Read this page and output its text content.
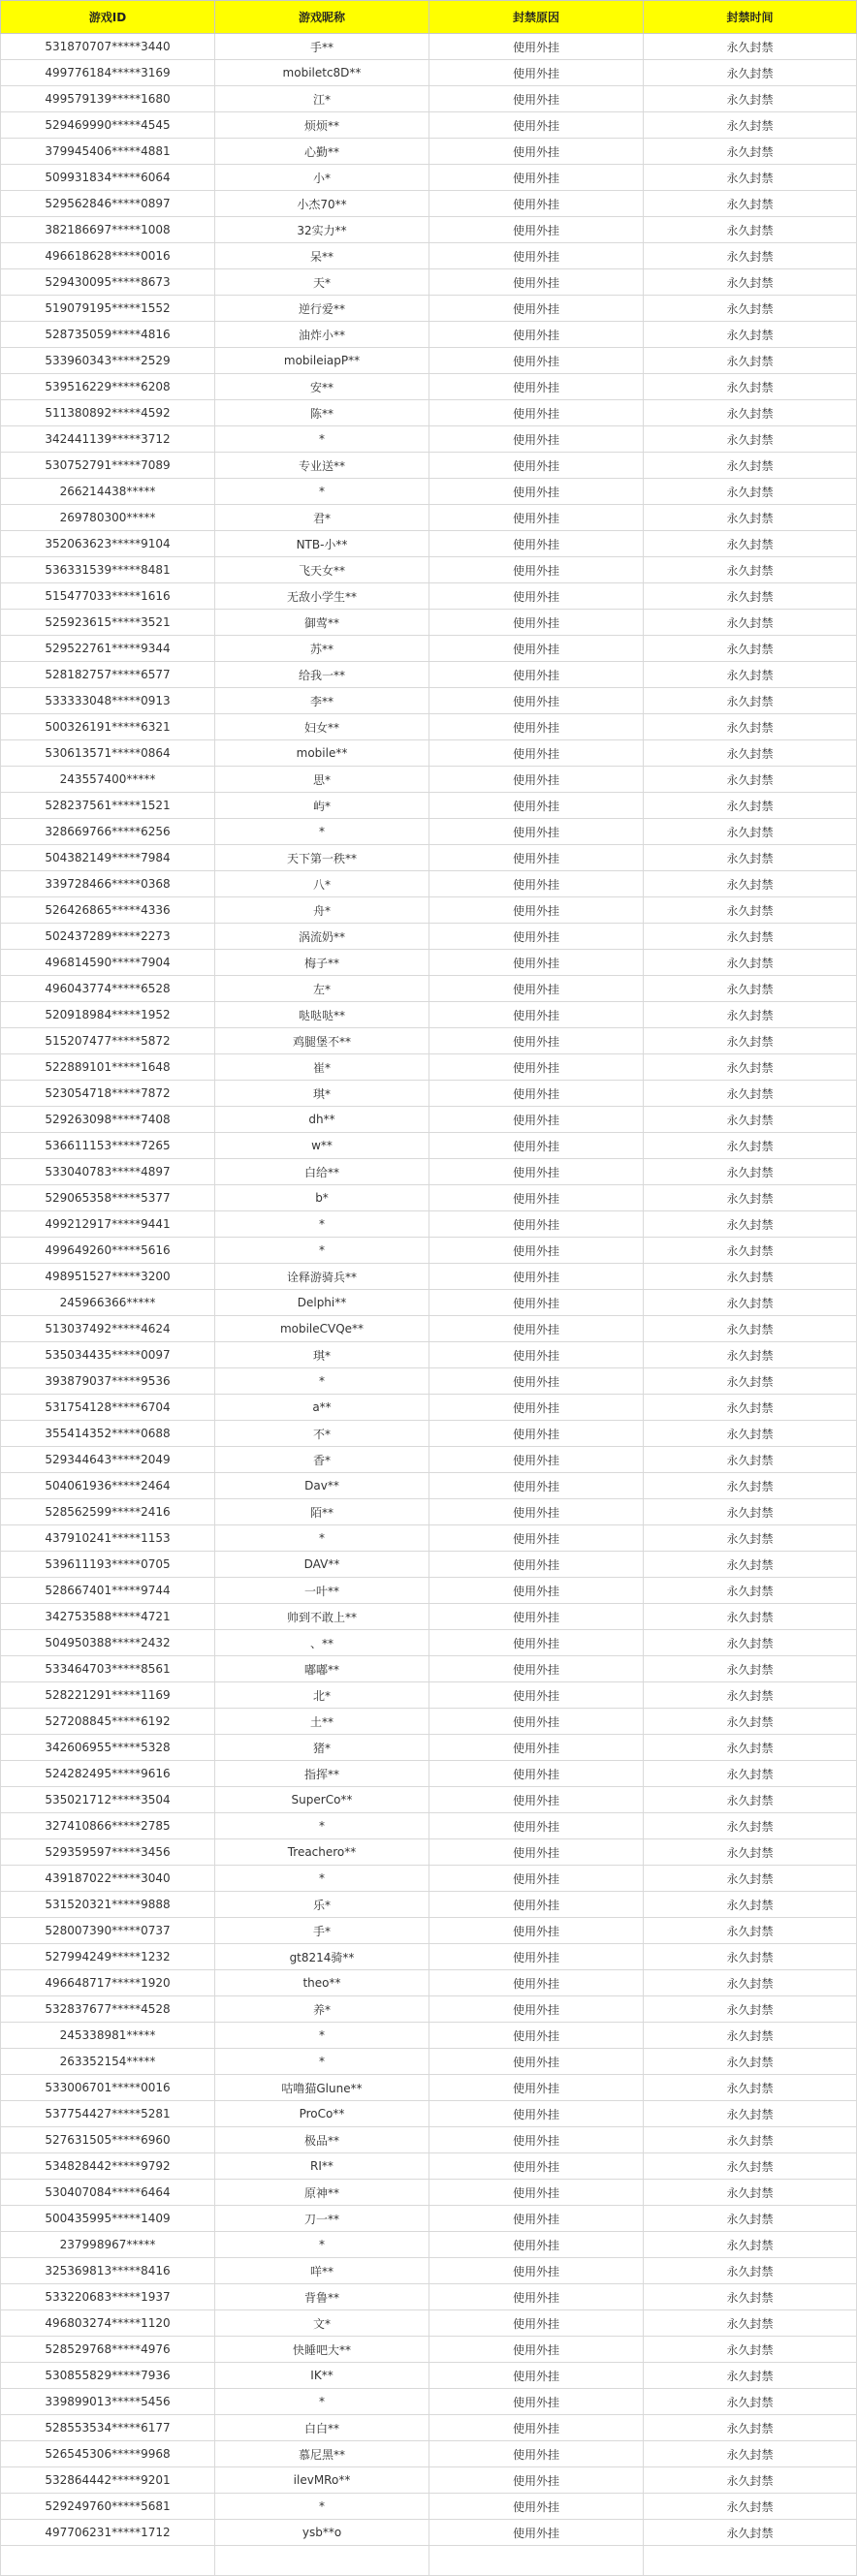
游戏ID	游戏昵称	封禁原因	封禁时间
531870707*****3440	手**	使用外挂	永久封禁
499776184*****3169	mobiletc8D**	使用外挂	永久封禁
499579139*****1680	江*	使用外挂	永久封禁
529469990*****4545	烦烦**	使用外挂	永久封禁
379945406*****4881	心勤**	使用外挂	永久封禁
509931834*****6064	小*	使用外挂	永久封禁
529562846*****0897	小杰70**	使用外挂	永久封禁
382186697*****1008	32实力**	使用外挂	永久封禁
496618628*****0016	呆**	使用外挂	永久封禁
529430095*****8673	天*	使用外挂	永久封禁
519079195*****1552	逆行爱**	使用外挂	永久封禁
528735059*****4816	油炸小**	使用外挂	永久封禁
533960343*****2529	mobileiapP**	使用外挂	永久封禁
539516229*****6208	安**	使用外挂	永久封禁
511380892*****4592	陈**	使用外挂	永久封禁
342441139*****3712	*	使用外挂	永久封禁
530752791*****7089	专业送**	使用外挂	永久封禁
266214438*****	*	使用外挂	永久封禁
269780300*****	君*	使用外挂	永久封禁
352063623*****9104	NTB-小**	使用外挂	永久封禁
536331539*****8481	飞天女**	使用外挂	永久封禁
515477033*****1616	无敌小学生**	使用外挂	永久封禁
525923615*****3521	御莺**	使用外挂	永久封禁
529522761*****9344	苏**	使用外挂	永久封禁
528182757*****6577	给我一**	使用外挂	永久封禁
533333048*****0913	李**	使用外挂	永久封禁
500326191*****6321	妇女**	使用外挂	永久封禁
530613571*****0864	mobile**	使用外挂	永久封禁
243557400*****	思*	使用外挂	永久封禁
528237561*****1521	屿*	使用外挂	永久封禁
328669766*****6256	*	使用外挂	永久封禁
504382149*****7984	天下第一秩**	使用外挂	永久封禁
339728466*****0368	八*	使用外挂	永久封禁
526426865*****4336	舟*	使用外挂	永久封禁
502437289*****2273	涡流奶**	使用外挂	永久封禁
496814590*****7904	梅子**	使用外挂	永久封禁
496043774*****6528	左*	使用外挂	永久封禁
520918984*****1952	哒哒哒**	使用外挂	永久封禁
515207477*****5872	鸡腿堡不**	使用外挂	永久封禁
522889101*****1648	崔*	使用外挂	永久封禁
523054718*****7872	琪*	使用外挂	永久封禁
529263098*****7408	dh**	使用外挂	永久封禁
536611153*****7265	w**	使用外挂	永久封禁
533040783*****4897	白给**	使用外挂	永久封禁
529065358*****5377	b*	使用外挂	永久封禁
499212917*****9441	*	使用外挂	永久封禁
499649260*****5616	*	使用外挂	永久封禁
498951527*****3200	诠释游骑兵**	使用外挂	永久封禁
245966366*****	Delphi**	使用外挂	永久封禁
513037492*****4624	mobileCVQe**	使用外挂	永久封禁
535034435*****0097	琪*	使用外挂	永久封禁
393879037*****9536	*	使用外挂	永久封禁
531754128*****6704	a**	使用外挂	永久封禁
355414352*****0688	不*	使用外挂	永久封禁
529344643*****2049	香*	使用外挂	永久封禁
504061936*****2464	Dav**	使用外挂	永久封禁
528562599*****2416	陌**	使用外挂	永久封禁
437910241*****1153	*	使用外挂	永久封禁
539611193*****0705	DAV**	使用外挂	永久封禁
528667401*****9744	一叶**	使用外挂	永久封禁
342753588*****4721	帅到不敢上**	使用外挂	永久封禁
504950388*****2432	、**	使用外挂	永久封禁
533464703*****8561	嘟嘟**	使用外挂	永久封禁
528221291*****1169	北*	使用外挂	永久封禁
527208845*****6192	土**	使用外挂	永久封禁
342606955*****5328	猪*	使用外挂	永久封禁
524282495*****9616	指挥**	使用外挂	永久封禁
535021712*****3504	SuperCo**	使用外挂	永久封禁
327410866*****2785	*	使用外挂	永久封禁
529359597*****3456	Treachero**	使用外挂	永久封禁
439187022*****3040	*	使用外挂	永久封禁
531520321*****9888	乐*	使用外挂	永久封禁
528007390*****0737	手*	使用外挂	永久封禁
527994249*****1232	gt8214骑**	使用外挂	永久封禁
496648717*****1920	theo**	使用外挂	永久封禁
532837677*****4528	养*	使用外挂	永久封禁
245338981*****	*	使用外挂	永久封禁
263352154*****	*	使用外挂	永久封禁
533006701*****0016	咕噜猫Glune**	使用外挂	永久封禁
537754427*****5281	ProCo**	使用外挂	永久封禁
527631505*****6960	极品**	使用外挂	永久封禁
534828442*****9792	RI**	使用外挂	永久封禁
530407084*****6464	原神**	使用外挂	永久封禁
500435995*****1409	刀一**	使用外挂	永久封禁
237998967*****	*	使用外挂	永久封禁
325369813*****8416	咩**	使用外挂	永久封禁
533220683*****1937	背鲁**	使用外挂	永久封禁
496803274*****1120	文*	使用外挂	永久封禁
528529768*****4976	快睡吧大**	使用外挂	永久封禁
530855829*****7936	IK**	使用外挂	永久封禁
339899013*****5456	*	使用外挂	永久封禁
528553534*****6177	白白**	使用外挂	永久封禁
526545306*****9968	慕尼黑**	使用外挂	永久封禁
532864442*****9201	ilevMRo**	使用外挂	永久封禁
529249760*****5681	*	使用外挂	永久封禁
497706231*****1712	ysb**o	使用外挂	永久封禁
